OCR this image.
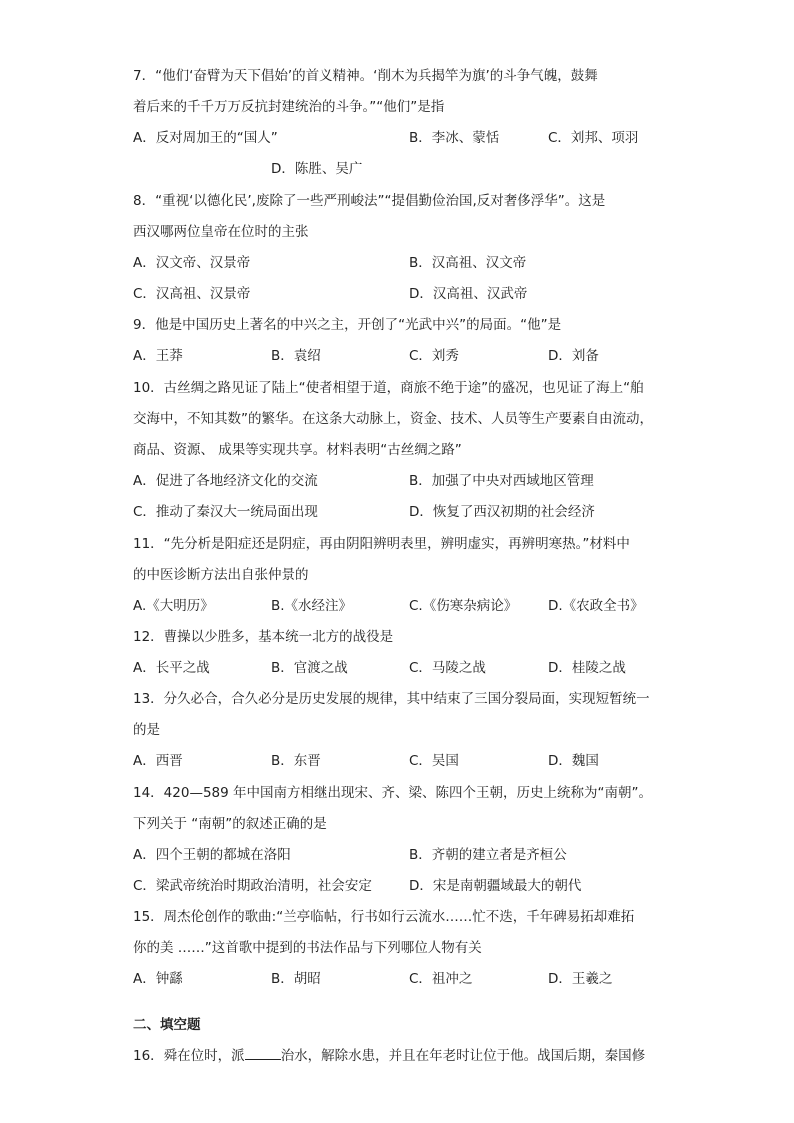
7．“他们‘奋臂为天下倡始’的首义精神。‘削木为兵揭竿为旗’的斗争气魄，鼓舞
着后来的千千万万反抗封建统治的斗争。”“他们”是指
A．反对周加王的“国人”	B．李冰、蒙恬	C．刘邦、项羽
D．陈胜、吴广
8．“重视‘以德化民’,废除了一些严刑峻法”“提倡勤俭治国,反对奢侈浮华”。这是
西汉哪两位皇帝在位时的主张
A．汉文帝、汉景帝	B．汉高祖、汉文帝
C．汉高祖、汉景帝	D．汉高祖、汉武帝
9．他是中国历史上著名的中兴之主，开创了“光武中兴”的局面。“他”是
A．王莽	B．袁绍	C．刘秀	D．刘备
10．古丝绸之路见证了陆上“使者相望于道，商旅不绝于途”的盛况，也见证了海上“舶
交海中，不知其数”的繁华。在这条大动脉上，资金、技术、人员等生产要素自由流动，
商品、资源、 成果等实现共享。材料表明“古丝绸之路”
A．促进了各地经济文化的交流	B．加强了中央对西域地区管理
C．推动了秦汉大一统局面出现	D．恢复了西汉初期的社会经济
11．“先分析是阳症还是阴症，再由阴阳辨明表里，辨明虚实，再辨明寒热。”材料中
的中医诊断方法出自张仲景的
A.《大明历》	B.《水经注》	C.《伤寒杂病论》 D.《农政全书》
12．曹操以少胜多，基本统一北方的战役是
A．长平之战	B．官渡之战	C．马陵之战	D．桂陵之战
13．分久必合，合久必分是历史发展的规律，其中结束了三国分裂局面，实现短暂统一
的是
A．西晋	B．东晋	C．吴国	D．魏国
14．420—589 年中国南方相继出现宋、齐、梁、陈四个王朝，历史上统称为“南朝”。
下列关于 “南朝”的叙述正确的是
A．四个王朝的都城在洛阳	B．齐朝的建立者是齐桓公
C．梁武帝统治时期政治清明，社会安定	D．宋是南朝疆域最大的朝代
15．周杰伦创作的歌曲:“兰亭临帖，行书如行云流水……忙不迭，千年碑易拓却难拓
你的美 ……”这首歌中提到的书法作品与下列哪位人物有关
A．钟繇	B．胡昭	C．祖冲之	D．王羲之
二、填空题
16．舜在位时，派	治水，解除水患，并且在年老时让位于他。战国后期，秦国修
